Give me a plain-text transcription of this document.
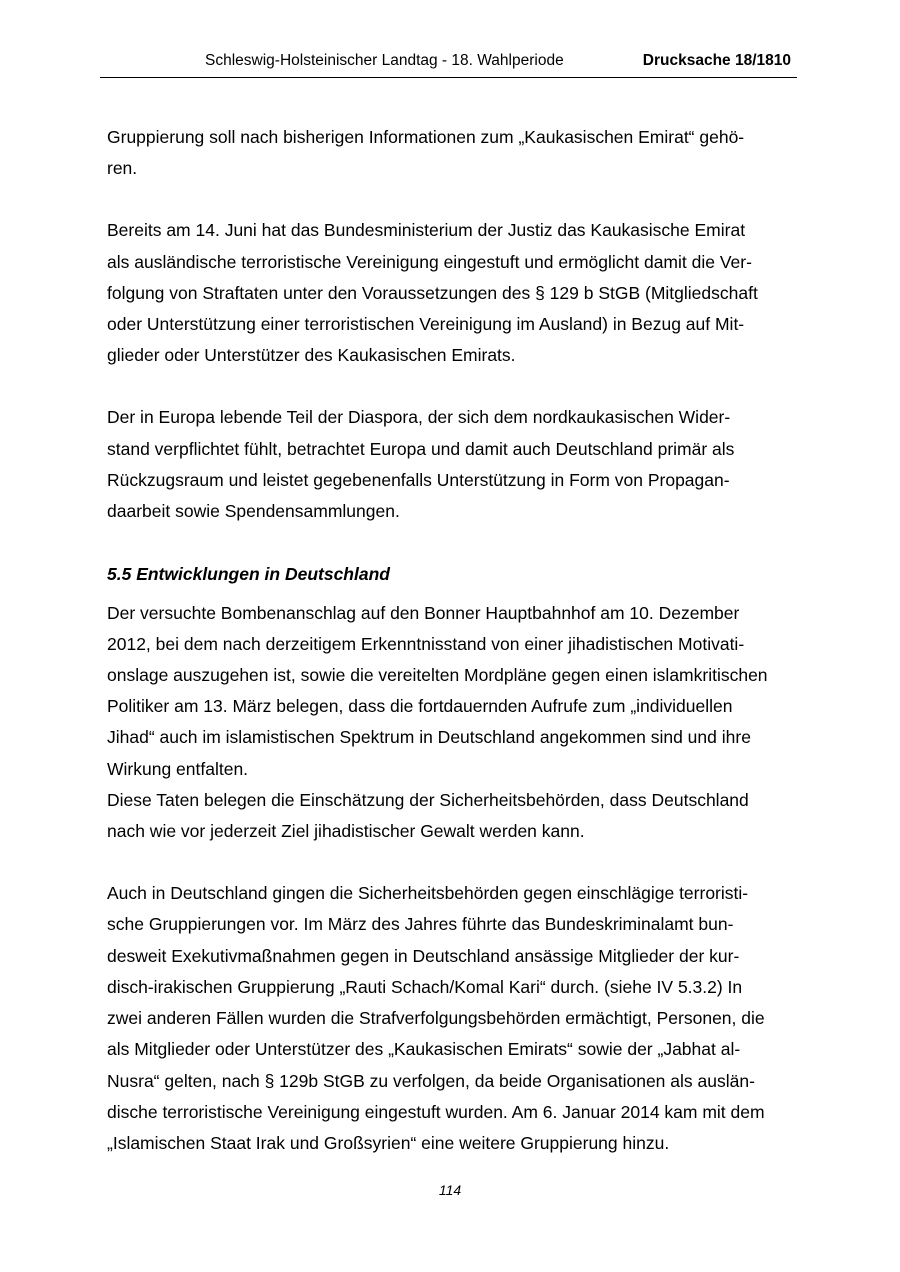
Schleswig-Holsteinischer Landtag - 18. Wahlperiode	Drucksache 18/1810
Gruppierung soll nach bisherigen Informationen zum „Kaukasischen Emirat“ gehö-
ren.
Bereits am 14. Juni hat das Bundesministerium der Justiz das Kaukasische Emirat
als ausländische terroristische Vereinigung eingestuft und ermöglicht damit die Ver-
folgung von Straftaten unter den Voraussetzungen des § 129 b StGB (Mitgliedschaft
oder Unterstützung einer terroristischen Vereinigung im Ausland) in Bezug auf Mit-
glieder oder Unterstützer des Kaukasischen Emirats.
Der in Europa lebende Teil der Diaspora, der sich dem nordkaukasischen Wider-
stand verpflichtet fühlt, betrachtet Europa und damit auch Deutschland primär als
Rückzugsraum und leistet gegebenenfalls Unterstützung in Form von Propagan-
daarbeit sowie Spendensammlungen.
5.5 Entwicklungen in Deutschland
Der versuchte Bombenanschlag auf den Bonner Hauptbahnhof am 10. Dezember
2012, bei dem nach derzeitigem Erkenntnisstand von einer jihadistischen Motivati-
onslage auszugehen ist, sowie die vereitelten Mordpläne gegen einen islamkritischen
Politiker am 13. März belegen, dass die fortdauernden Aufrufe zum „individuellen
Jihad“ auch im islamistischen Spektrum in Deutschland angekommen sind und ihre
Wirkung entfalten.
Diese Taten belegen die Einschätzung der Sicherheitsbehörden, dass Deutschland
nach wie vor jederzeit Ziel jihadistischer Gewalt werden kann.
Auch in Deutschland gingen die Sicherheitsbehörden gegen einschlägige terroristi-
sche Gruppierungen vor. Im März des Jahres führte das Bundeskriminalamt bun-
desweit Exekutivmaßnahmen gegen in Deutschland ansässige Mitglieder der kur-
disch-irakischen Gruppierung „Rauti Schach/Komal Kari“ durch. (siehe IV 5.3.2) In
zwei anderen Fällen wurden die Strafverfolgungsbehörden ermächtigt, Personen, die
als Mitglieder oder Unterstützer des „Kaukasischen Emirats“ sowie der „Jabhat al-
Nusra“ gelten, nach § 129b StGB zu verfolgen, da beide Organisationen als auslän-
dische terroristische Vereinigung eingestuft wurden. Am 6. Januar 2014 kam mit dem
„Islamischen Staat Irak und Großsyrien“ eine weitere Gruppierung hinzu.
114
